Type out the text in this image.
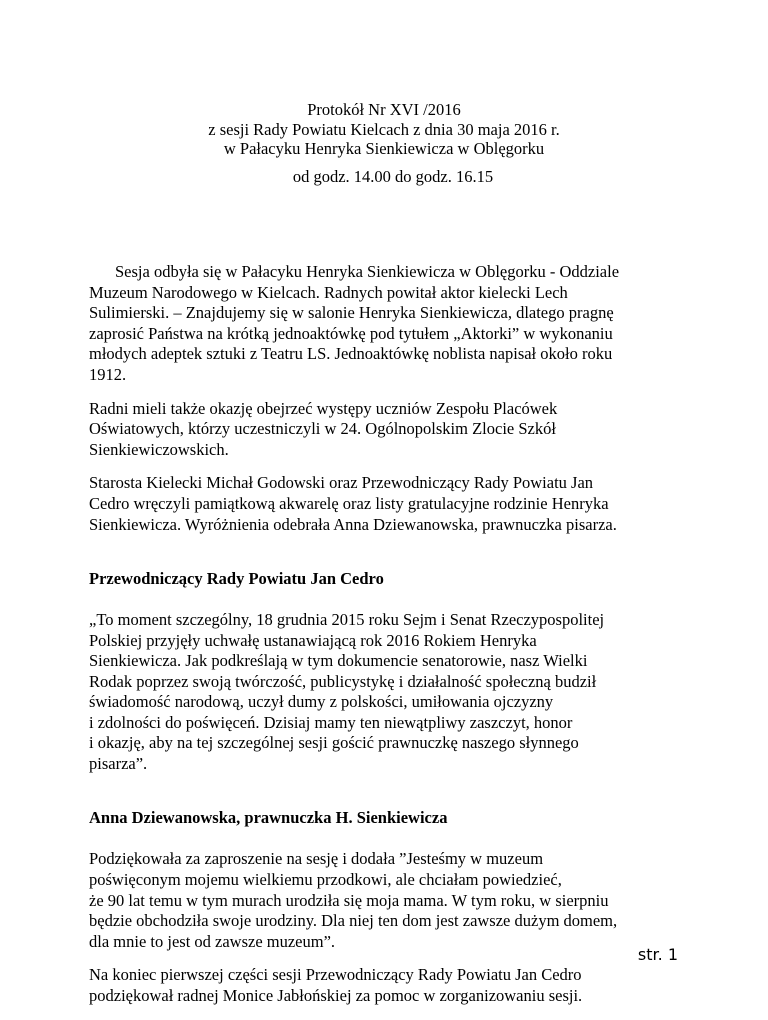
Protokół Nr XVI /2016
z sesji Rady Powiatu Kielcach z dnia 30 maja 2016 r.
w Pałacyku Henryka Sienkiewicza w Oblęgorku
od godz. 14.00 do godz. 16.15

Sesja odbyła się w Pałacyku Henryka Sienkiewicza w Oblęgorku - Oddziale
Muzeum Narodowego w Kielcach. Radnych powitał aktor kielecki Lech
Sulimierski. – Znajdujemy się w salonie Henryka Sienkiewicza, dlatego pragnę
zaprosić Państwa na krótką jednoaktówkę pod tytułem „Aktorki” w wykonaniu
młodych adeptek sztuki z Teatru LS. Jednoaktówkę noblista napisał około roku
1912.

Radni mieli także okazję obejrzeć występy uczniów Zespołu Placówek
Oświatowych, którzy uczestniczyli w 24. Ogólnopolskim Zlocie Szkół
Sienkiewiczowskich.

Starosta Kielecki Michał Godowski oraz Przewodniczący Rady Powiatu Jan
Cedro wręczyli pamiątkową akwarelę oraz listy gratulacyjne rodzinie Henryka
Sienkiewicza. Wyróżnienia odebrała Anna Dziewanowska, prawnuczka pisarza.

Przewodniczący Rady Powiatu Jan Cedro

„To moment szczególny, 18 grudnia 2015 roku Sejm i Senat Rzeczypospolitej
Polskiej przyjęły uchwałę ustanawiającą rok 2016 Rokiem Henryka
Sienkiewicza. Jak podkreślają w tym dokumencie senatorowie, nasz Wielki
Rodak poprzez swoją twórczość, publicystykę i działalność społeczną budził
świadomość narodową, uczył dumy z polskości, umiłowania ojczyzny
i zdolności do poświęceń. Dzisiaj mamy ten niewątpliwy zaszczyt, honor
i okazję, aby na tej szczególnej sesji gościć prawnuczkę naszego słynnego
pisarza”.

Anna Dziewanowska, prawnuczka H. Sienkiewicza

Podziękowała za zaproszenie na sesję i dodała ”Jesteśmy w muzeum
poświęconym mojemu wielkiemu przodkowi, ale chciałam powiedzieć,
że 90 lat temu w tym murach urodziła się moja mama. W tym roku, w sierpniu
będzie obchodziła swoje urodziny. Dla niej ten dom jest zawsze dużym domem,
dla mnie to jest od zawsze muzeum”.

Na koniec pierwszej części sesji Przewodniczący Rady Powiatu Jan Cedro
podziękował radnej Monice Jabłońskiej za pomoc w zorganizowaniu sesji.

str. 1
